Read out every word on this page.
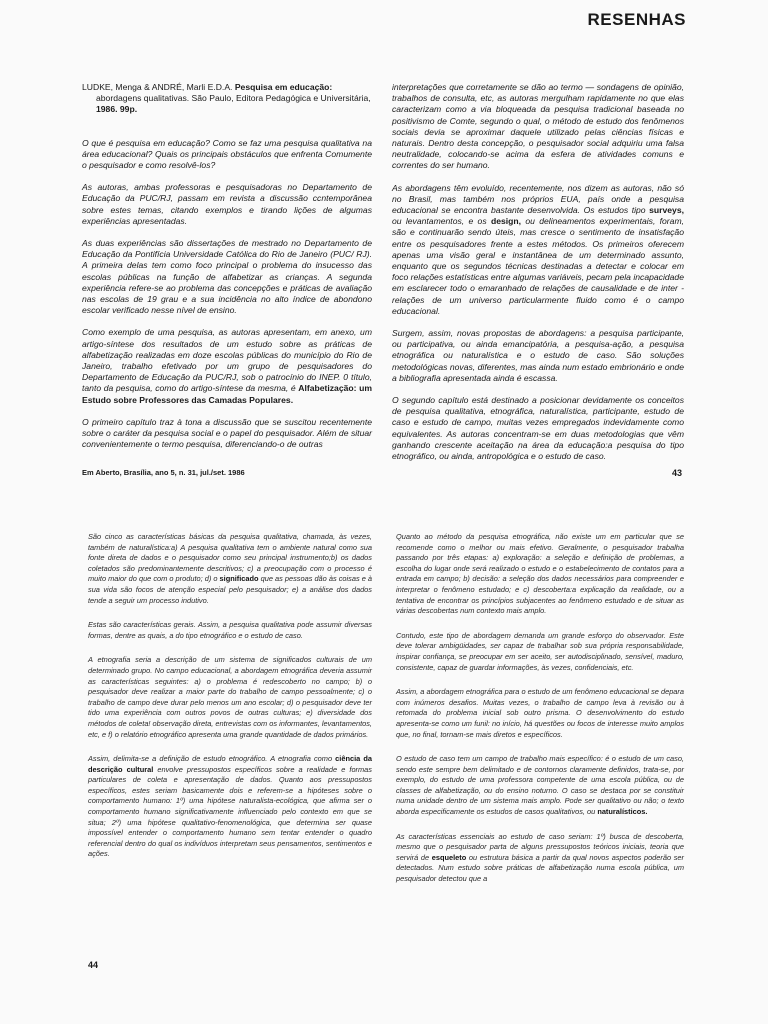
RESENHAS

LUDKE, Menga & ANDRÉ, Marli E.D.A. Pesquisa em educação: abordagens qualitativas. São Paulo, Editora Pedagógica e Universitária, 1986. 99p.

O que é pesquisa em educação? Como se faz uma pesquisa qualitativa na área educacional? Quais os principais obstáculos que enfrenta Comumente o pesquisador e como resolvê-los?

As autoras, ambas professoras e pesquisadoras no Departamento de Educação da PUC/RJ, passam em revista a discussão ccntemporânea sobre estes temas, citando exemplos e tirando lições de algumas experiências apresentadas.

As duas experiências são dissertações de mestrado no Departamento de Educação da Pontifícia Universidade Católica do Rio de Janeiro (PUC/ RJ). A primeira delas tem como foco principal o problema do insucesso das escolas públicas na função de alfabetizar as crianças. A segunda experiência refere-se ao problema das concepções e práticas de avaliação nas escolas de 19 grau e a sua incidência no alto índice de abondono escolar verificado nesse nível de ensino.

Como exemplo de uma pesquisa, as autoras apresentam, em anexo, um artigo-síntese dos resultados de um estudo sobre as práticas de alfabetização realizadas em doze escolas públicas do município do Rio de Janeiro, trabalho efetivado por um grupo de pesquisadores do Departamento de Educação da PUC/RJ, sob o patrocínio do INEP. 0 título, tanto da pesquisa, como do artigo-síntese da mesma, é Alfabetização: um Estudo sobre Professores das Camadas Populares.

O primeiro capítulo traz à tona a discussão que se suscitou recentemente sobre o caráter da pesquisa social e o papel do pesquisador. Além de situar convenientemente o termo pesquisa, diferenciando-o de outras

interpretações que corretamente se dão ao termo — sondagens de opinião, trabalhos de consulta, etc, as autoras mergulham rapidamente no que elas caracterizam como a via bloqueada da pesquisa tradicional baseada no positivismo de Comte, segundo o qual, o método de estudo dos fenômenos sociais devia se aproximar daquele utilizado pelas ciências físicas e naturais. Dentro desta concepção, o pesquisador social adquiriu uma falsa neutralidade, colocando-se acima da esfera de atividades comuns e correntes do ser humano.

As abordagens têm evoluído, recentemente, nos dizem as autoras, não só no Brasil, mas também nos próprios EUA, país onde a pesquisa educacional se encontra bastante desenvolvida. Os estudos tipo surveys, ou levantamentos, e os design, ou delineamentos experimentais, foram, são e continuarão sendo úteis, mas cresce o sentimento de insatisfação entre os pesquisadores frente a estes métodos. Os primeiros oferecem apenas uma visão geral e instantânea de um determinado assunto, enquanto que os segundos técnicas destinadas a detectar e colocar em foco relações estatísticas entre algumas variáveis, pecam pela incapacidade em esclarecer todo o emaranhado de relações de causalidade e de inter -relações de um universo particularmente fluido como é o campo educacional.

Surgem, assim, novas propostas de abordagens: a pesquisa participante, ou participativa, ou ainda emancipatória, a pesquisa-ação, a pesquisa etnográfica ou naturalística e o estudo de caso. São soluções metodológicas novas, diferentes, mas ainda num estado embrionário e onde a bibliografia apresentada ainda é escassa.

O segundo capítulo está destinado a posicionar devidamente os conceitos de pesquisa qualitativa, etnográfica, naturalística, participante, estudo de caso e estudo de campo, muitas vezes empregados indevidamente como equivalentes. As autoras concentram-se em duas metodologias que vêm ganhando crescente aceitação na área da educação:a pesquisa do tipo etnográfico, ou ainda, antropológica e o estudo de caso.

Em Aberto, Brasília, ano 5, n. 31, jul./set. 1986	43

São cinco as características básicas da pesquisa qualitativa, chamada, às vezes, também de naturalística:a) A pesquisa qualitativa tem o ambiente natural como sua fonte direta de dados e o pesquisador como seu principal instrumento;b) os dados coletados são predominantemente descritivos; c) a preocupação com o processo é muito maior do que com o produto; d) o significado que as pessoas dão às coisas e à sua vida são focos de atenção especial pelo pesquisador; e) a análise dos dados tende a seguir um processo indutivo.

Estas são características gerais. Assim, a pesquisa qualitativa pode assumir diversas formas, dentre as quais, a do tipo etnográfico e o estudo de caso.

A etnografia seria a descrição de um sistema de significados culturais de um determinado grupo. No campo educacional, a abordagem etnográfica deveria assumir as características seguintes: a) o problema é redescoberto no campo; b) o pesquisador deve realizar a maior parte do trabalho de campo pessoalmente; c) o trabalho de campo deve durar pelo menos um ano escolar; d) o pesquisador deve ter tido uma experiência com outros povos de outras culturas; e) diversidade dos métodos de coleta! observação direta, entrevistas com os informantes, levantamentos, etc, e f) o relatório etnográfico apresenta uma grande quantidade de dados primários.

Assim, delimita-se a definição de estudo etnográfico. A etnografia como ciência da descrição cultural envolve pressupostos específicos sobre a realidade e formas particulares de coleta e apresentação de dados. Quanto aos pressupostos específicos, estes seriam basicamente dois e referem-se a hipóteses sobre o comportamento humano: 1º) uma hipótese naturalista-ecológica, que afirma ser o comportamento humano significativamente influenciado pelo contexto em que se situa; 2º) uma hipótese qualitativo-fenomenológica, que determina ser quase impossível entender o comportamento humano sem tentar entender o quadro referencial dentro do qual os indivíduos interpretam seus pensamentos, sentimentos e ações.

Quanto ao método da pesquisa etnográfica, não existe um em particular que se recomende como o melhor ou mais efetivo. Geralmente, o pesquisador trabalha passando por três etapas: a) exploração: a seleção e definição de problemas, a escolha do lugar onde será realizado o estudo e o estabelecimento de contatos para a entrada em campo; b) decisão: a seleção dos dados necessários para compreender e interpretar o fenômeno estudado; e c) descoberta:a explicação da realidade, ou a tentativa de encontrar os princípios subjacentes ao fenômeno estudado e de situar as várias descobertas num contexto mais amplo.

Contudo, este tipo de abordagem demanda um grande esforço do observador. Este deve tolerar ambigüidades, ser capaz de trabalhar sob sua própria responsabilidade, inspirar confiança, se preocupar em ser aceito, ser autodisciplinado, sensível, maduro, consistente, capaz de guardar informações, às vezes, confidenciais, etc.

Assim, a abordagem etnográfica para o estudo de um fenômeno educacional se depara com inúmeros desafios. Muitas vezes, o trabalho de campo leva à revisão ou à retomada do problema inicial sob outro prisma. O desenvolvimento do estudo apresenta-se como um funil: no início, há questões ou focos de interesse muito amplos que, no final, tornam-se mais diretos e específicos.

O estudo de caso tem um campo de trabalho mais específico: é o estudo de um caso, sendo este sempre bem delimitado e de contornos claramente definidos, trata-se, por exemplo, do estudo de uma professora competente de uma escola pública, ou de classes de alfabetização, ou do ensino noturno. O caso se destaca por se constituir numa unidade dentro de um sistema mais amplo. Pode ser qualitativo ou não; o texto aborda especificamente os estudos de casos qualitativos, ou naturalísticos.

As características essenciais ao estudo de caso seriam: 1º) busca de descoberta, mesmo que o pesquisador parta de alguns pressupostos teóricos iniciais, teoria que servirá de esqueleto ou estrutura básica a partir da qual novos aspectos poderão ser detectados. Num estudo sobre práticas de alfabetização numa escola pública, um pesquisador detectou que a

44
